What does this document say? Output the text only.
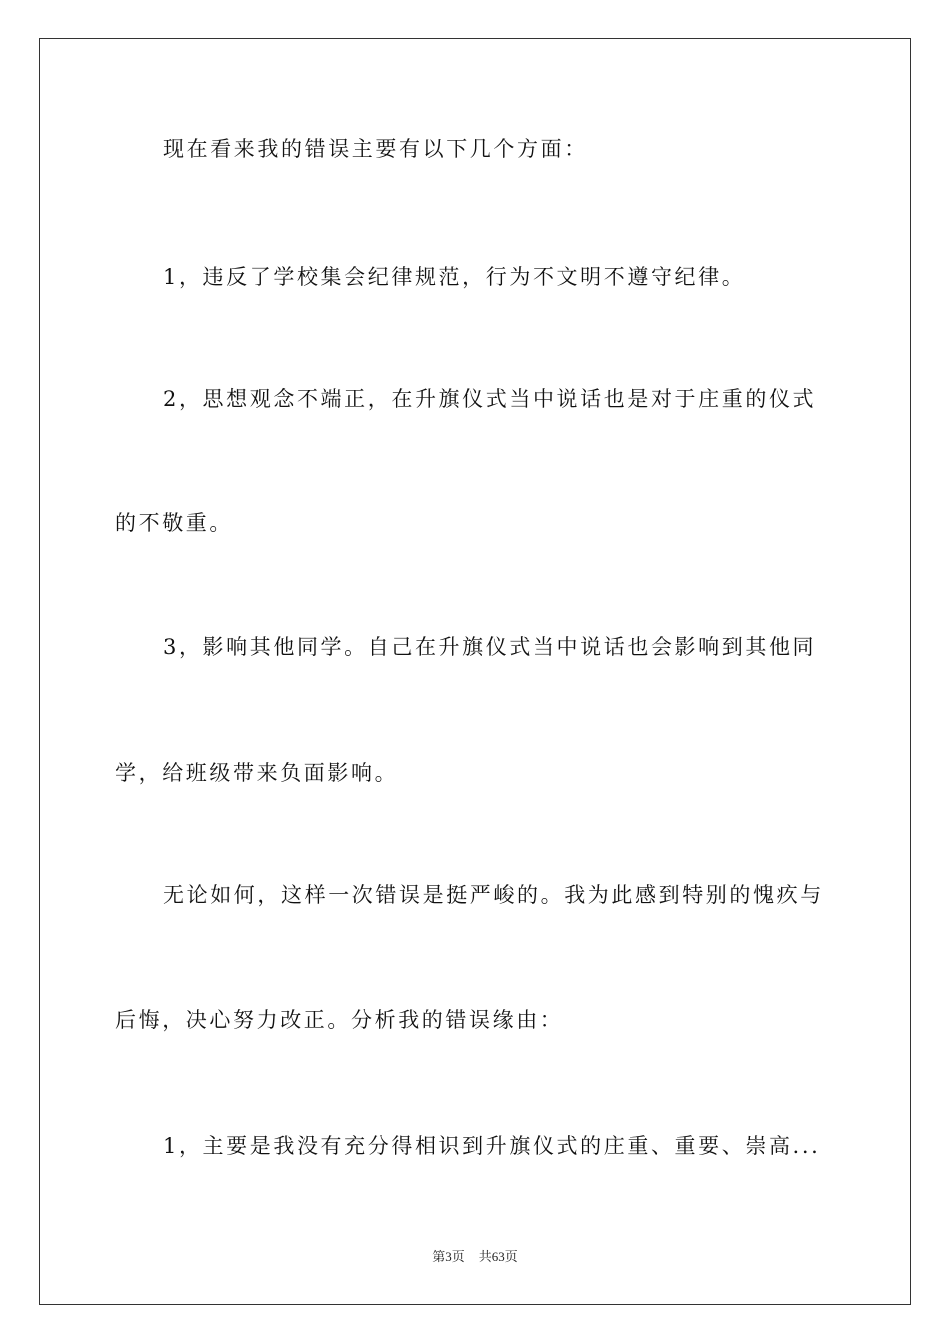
现在看来我的错误主要有以下几个方面：
1，违反了学校集会纪律规范，行为不文明不遵守纪律。
2，思想观念不端正，在升旗仪式当中说话也是对于庄重的仪式
的不敬重。
3，影响其他同学。自己在升旗仪式当中说话也会影响到其他同
学，给班级带来负面影响。
无论如何，这样一次错误是挺严峻的。我为此感到特别的愧疚与
后悔，决心努力改正。分析我的错误缘由：
1，主要是我没有充分得相识到升旗仪式的庄重、重要、崇高...
第3页 共63页
